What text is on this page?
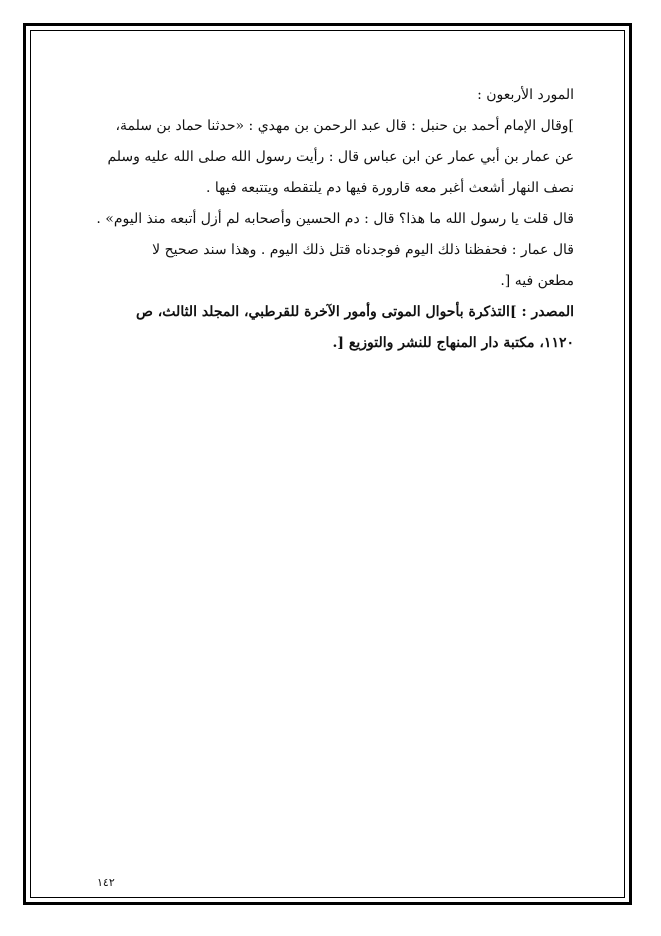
المورد الأربعون :
]وقال الإمام أحمد بن حنبل : قال عبد الرحمن بن مهدي : «حدثنا حماد بن سلمة،
عن عمار بن أبي عمار عن ابن عباس قال : رأيت رسول الله صلى الله عليه وسلم
نصف النهار أشعث أغبر معه قارورة فيها دم يلتقطه ويتتبعه فيها .
قال قلت يا رسول الله ما هذا؟ قال : دم الحسين وأصحابه لم أزل أتبعه منذ اليوم» .
قال عمار : فحفظنا ذلك اليوم فوجدناه قتل ذلك اليوم . وهذا سند صحيح لا
مطعن فيه [.
المصدر : ]التذكرة بأحوال الموتى وأمور الآخرة للقرطبي، المجلد الثالث، ص
١١٢٠، مكتبة دار المنهاج للنشر والتوزيع [.
١٤٢
